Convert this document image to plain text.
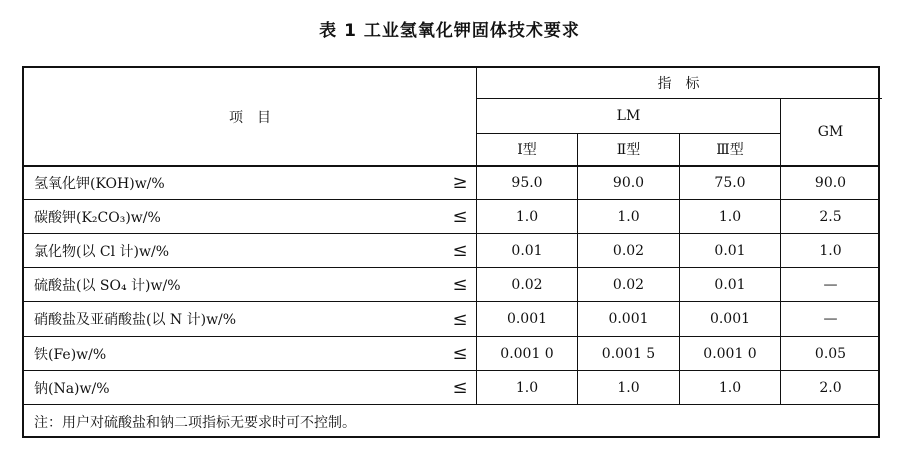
表 1 工业氢氧化钾固体技术要求
项　目
指　标
LM
GM
Ⅰ型	Ⅱ型	Ⅲ型
氢氧化钾(KOH)w/%	≥	95.0	90.0	75.0	90.0
碳酸钾(K₂CO₃)w/%	≤	1.0	1.0	1.0	2.5
氯化物(以 Cl 计)w/%	≤	0.01	0.02	0.01	1.0
硫酸盐(以 SO₄ 计)w/%	≤	0.02	0.02	0.01	—
硝酸盐及亚硝酸盐(以 N 计)w/%	≤	0.001	0.001	0.001	—
铁(Fe)w/%	≤	0.001 0	0.001 5	0.001 0	0.05
钠(Na)w/%	≤	1.0	1.0	1.0	2.0
注：用户对硫酸盐和钠二项指标无要求时可不控制。
